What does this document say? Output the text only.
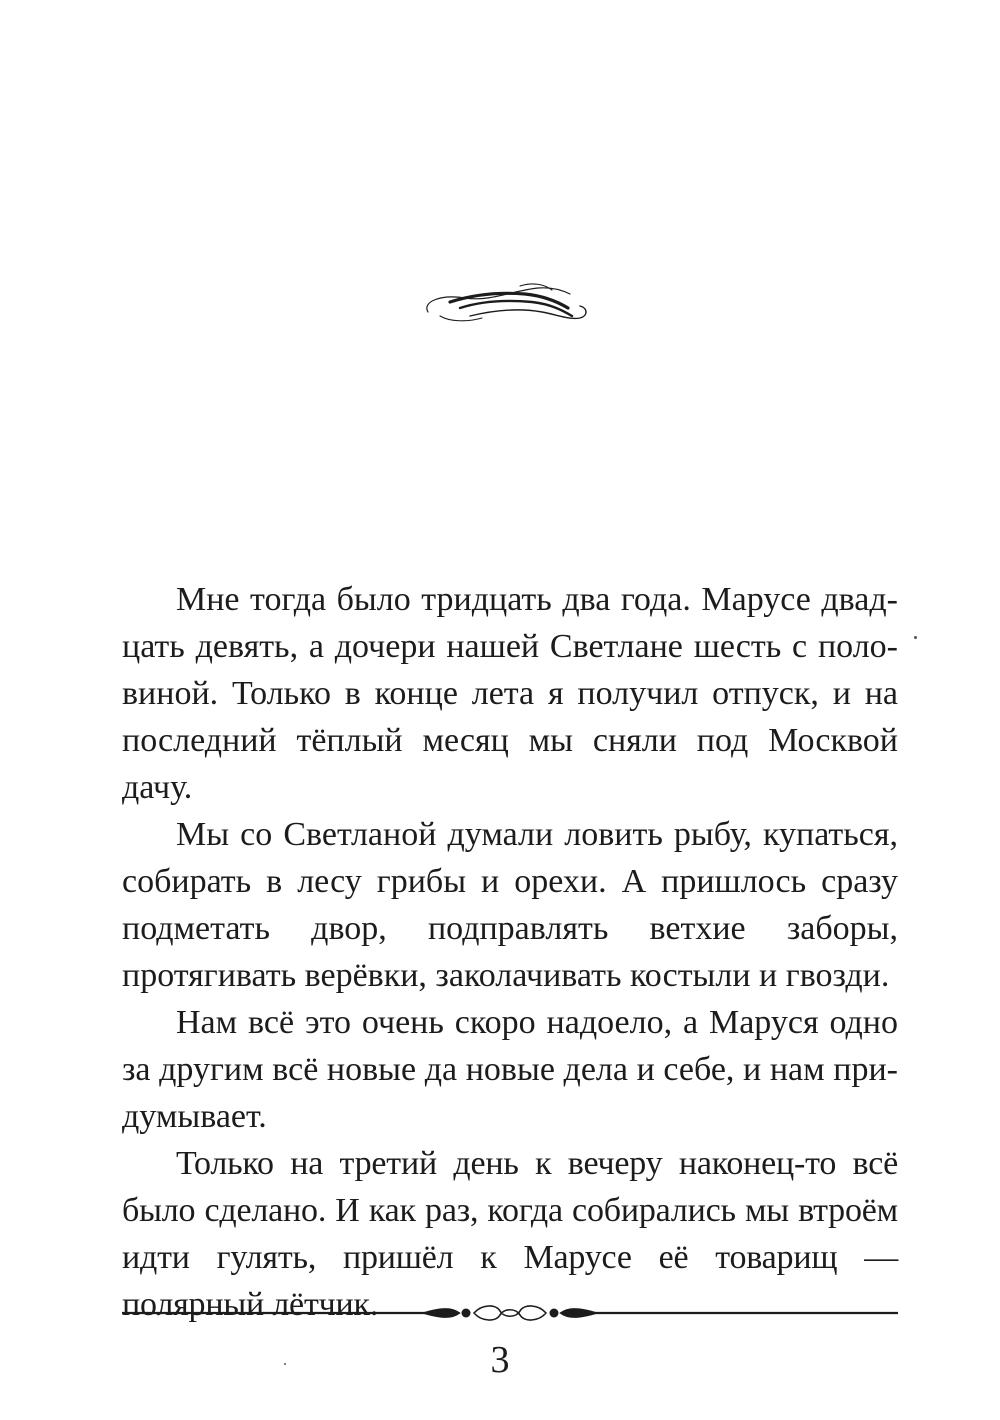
Мне тогда было тридцать два года. Марусе двадцать девять, а дочери нашей Светлане шесть с половиной. Только в конце лета я получил отпуск, и на последний тёплый месяц мы сняли под Москвой дачу.

Мы со Светланой думали ловить рыбу, купаться, собирать в лесу грибы и орехи. А пришлось сразу подметать двор, подправлять ветхие заборы, протягивать верёвки, заколачивать костыли и гвозди.

Нам всё это очень скоро надоело, а Маруся одно за другим всё новые да новые дела и себе, и нам придумывает.

Только на третий день к вечеру наконец-то всё было сделано. И как раз, когда собирались мы втроём идти гулять, пришёл к Марусе её товарищ — полярный лётчик.

3
